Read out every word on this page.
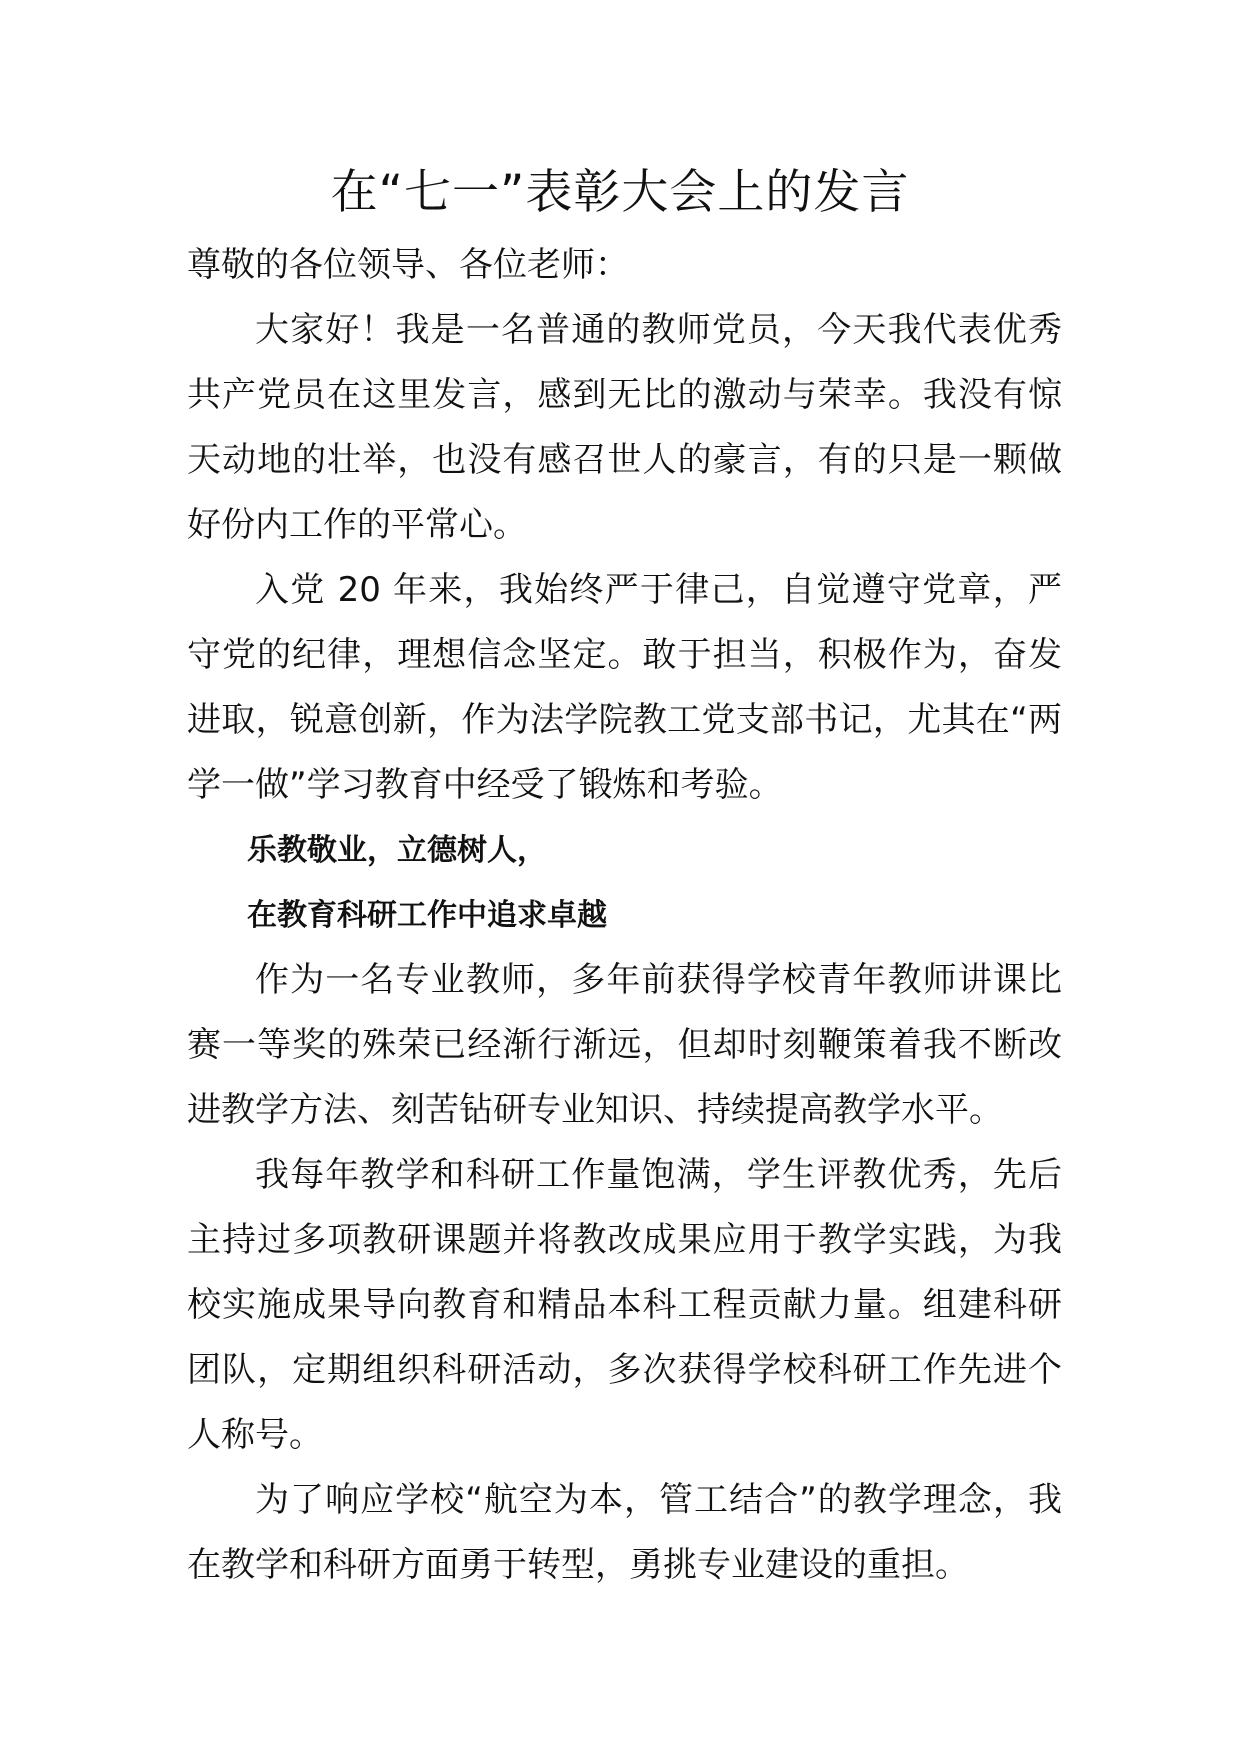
在“七一”表彰大会上的发言

尊敬的各位领导、各位老师：

大家好！我是一名普通的教师党员，今天我代表优秀共产党员在这里发言，感到无比的激动与荣幸。我没有惊天动地的壮举，也没有感召世人的豪言，有的只是一颗做好份内工作的平常心。

入党 20 年来，我始终严于律己，自觉遵守党章，严守党的纪律，理想信念坚定。敢于担当，积极作为，奋发进取，锐意创新，作为法学院教工党支部书记，尤其在“两学一做”学习教育中经受了锻炼和考验。

乐教敬业，立德树人，

在教育科研工作中追求卓越

作为一名专业教师，多年前获得学校青年教师讲课比赛一等奖的殊荣已经渐行渐远，但却时刻鞭策着我不断改进教学方法、刻苦钻研专业知识、持续提高教学水平。

我每年教学和科研工作量饱满，学生评教优秀，先后主持过多项教研课题并将教改成果应用于教学实践，为我校实施成果导向教育和精品本科工程贡献力量。组建科研团队，定期组织科研活动，多次获得学校科研工作先进个人称号。

为了响应学校“航空为本，管工结合”的教学理念，我在教学和科研方面勇于转型，勇挑专业建设的重担。
